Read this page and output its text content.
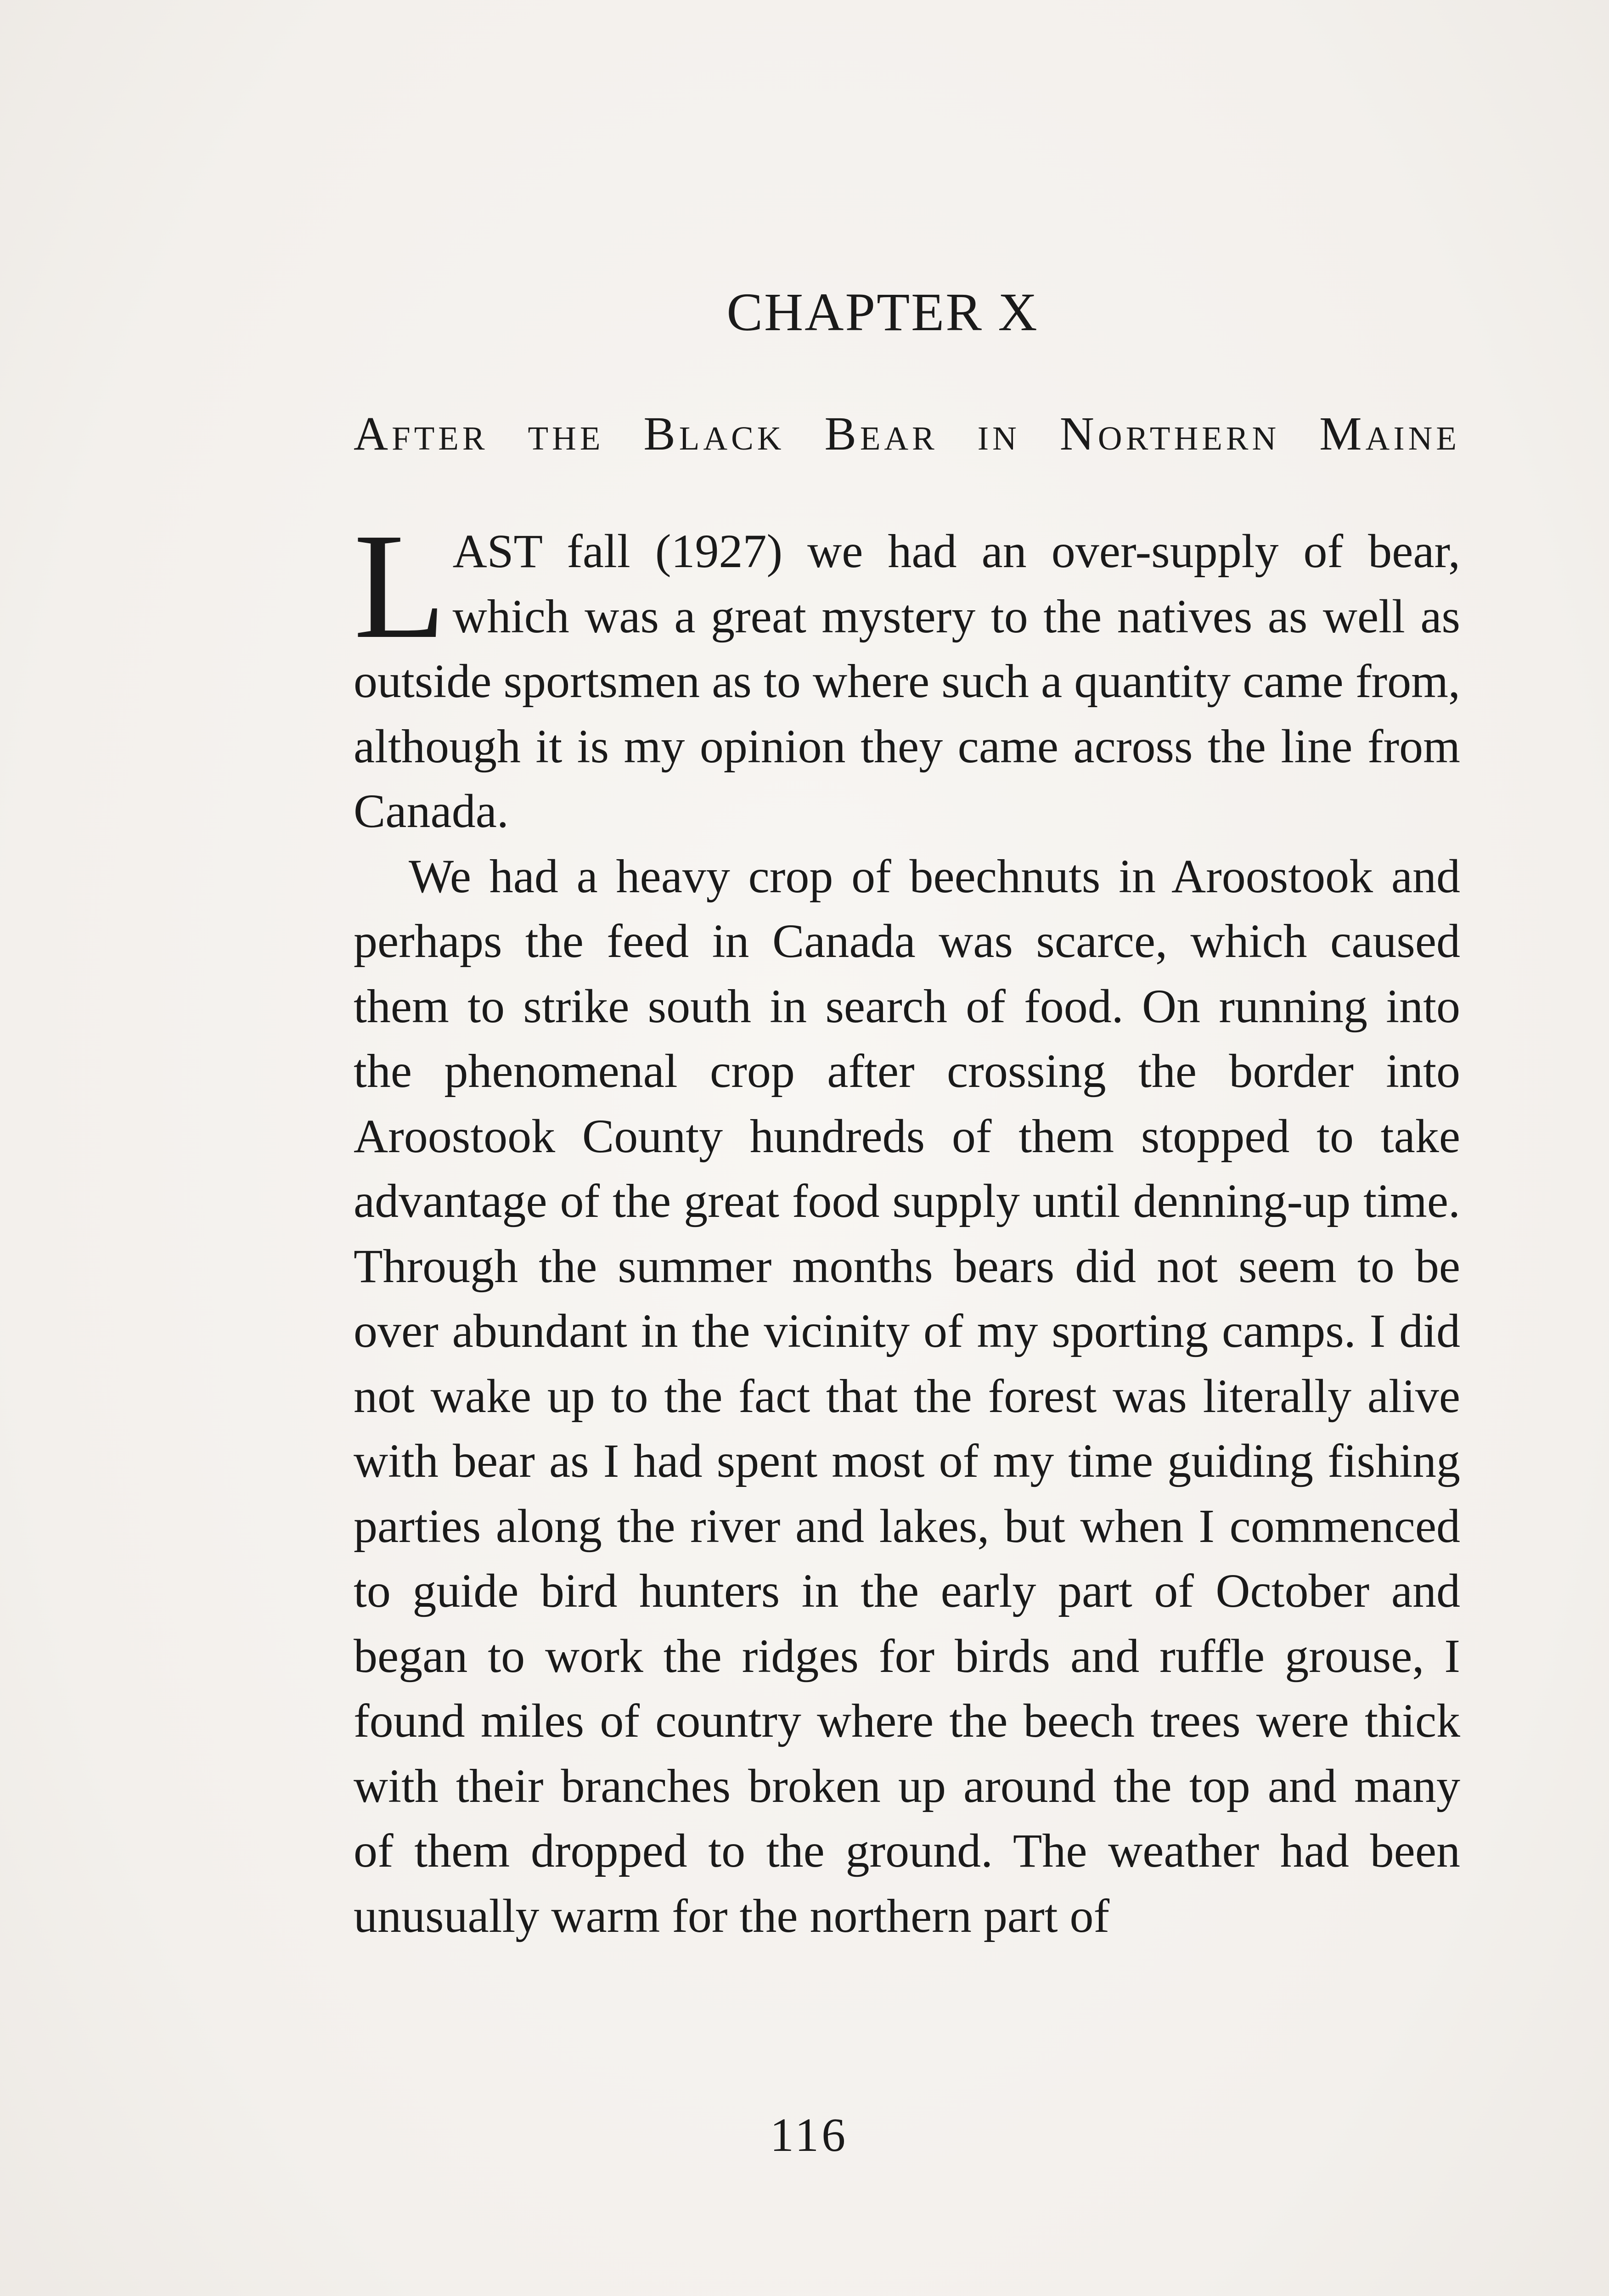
CHAPTER X
After the Black Bear in Northern Maine

LAST fall (1927) we had an over-supply of bear, which was a great mystery to the natives as well as outside sportsmen as to where such a quantity came from, although it is my opinion they came across the line from Canada.

We had a heavy crop of beechnuts in Aroostook and perhaps the feed in Canada was scarce, which caused them to strike south in search of food. On running into the phenomenal crop after crossing the border into Aroostook County hundreds of them stopped to take advantage of the great food supply until denning-up time. Through the summer months bears did not seem to be over abundant in the vicinity of my sporting camps. I did not wake up to the fact that the forest was literally alive with bear as I had spent most of my time guiding fishing parties along the river and lakes, but when I commenced to guide bird hunters in the early part of October and began to work the ridges for birds and ruffle grouse, I found miles of country where the beech trees were thick with their branches broken up around the top and many of them dropped to the ground. The weather had been unusually warm for the northern part of

116
